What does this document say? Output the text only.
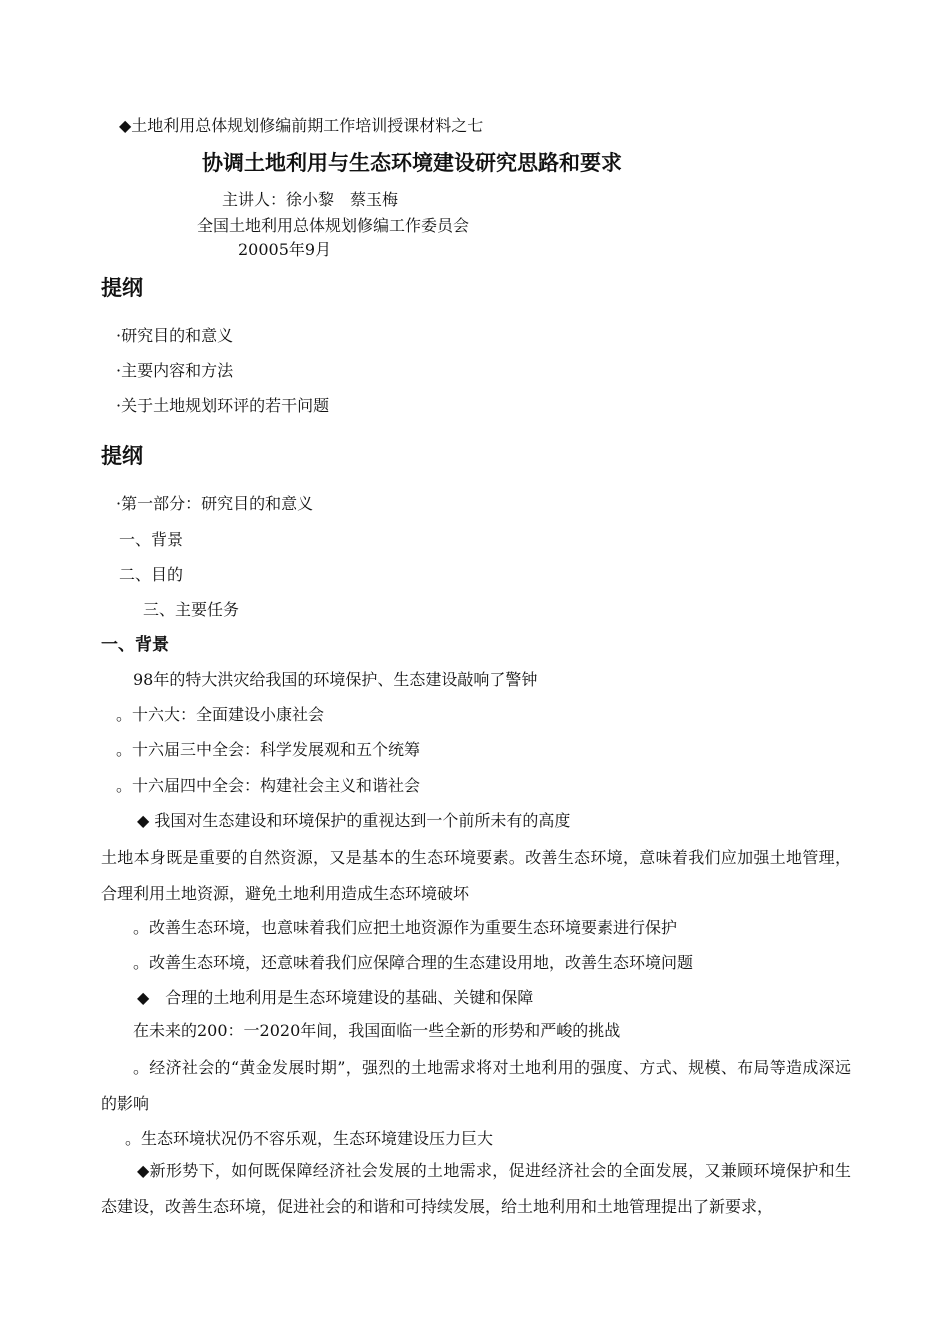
◆土地利用总体规划修编前期工作培训授课材料之七
协调土地利用与生态环境建设研究思路和要求
主讲人：徐小黎　蔡玉梅
全国土地利用总体规划修编工作委员会
20005年9月
提纲
·研究目的和意义
·主要内容和方法
·关于土地规划环评的若干问题
提纲
·第一部分：研究目的和意义
一、背景
二、目的
三、主要任务
一、背景
98年的特大洪灾给我国的环境保护、生态建设敲响了警钟
。十六大：全面建设小康社会
。十六届三中全会：科学发展观和五个统筹
。十六届四中全会：构建社会主义和谐社会
◆ 我国对生态建设和环境保护的重视达到一个前所未有的高度
土地本身既是重要的自然资源，又是基本的生态环境要素。改善生态环境，意味着我们应加强土地管理，合理利用土地资源，避免土地利用造成生态环境破坏
。改善生态环境，也意味着我们应把土地资源作为重要生态环境要素进行保护
。改善生态环境，还意味着我们应保障合理的生态建设用地，改善生态环境问题
◆　合理的土地利用是生态环境建设的基础、关键和保障
在未来的200：一2020年间，我国面临一些全新的形势和严峻的挑战
。经济社会的“黄金发展时期”，强烈的土地需求将对土地利用的强度、方式、规模、布局等造成深远的影响
。生态环境状况仍不容乐观，生态环境建设压力巨大
◆新形势下，如何既保障经济社会发展的土地需求，促进经济社会的全面发展，又兼顾环境保护和生态建设，改善生态环境，促进社会的和谐和可持续发展，给土地利用和土地管理提出了新要求，
